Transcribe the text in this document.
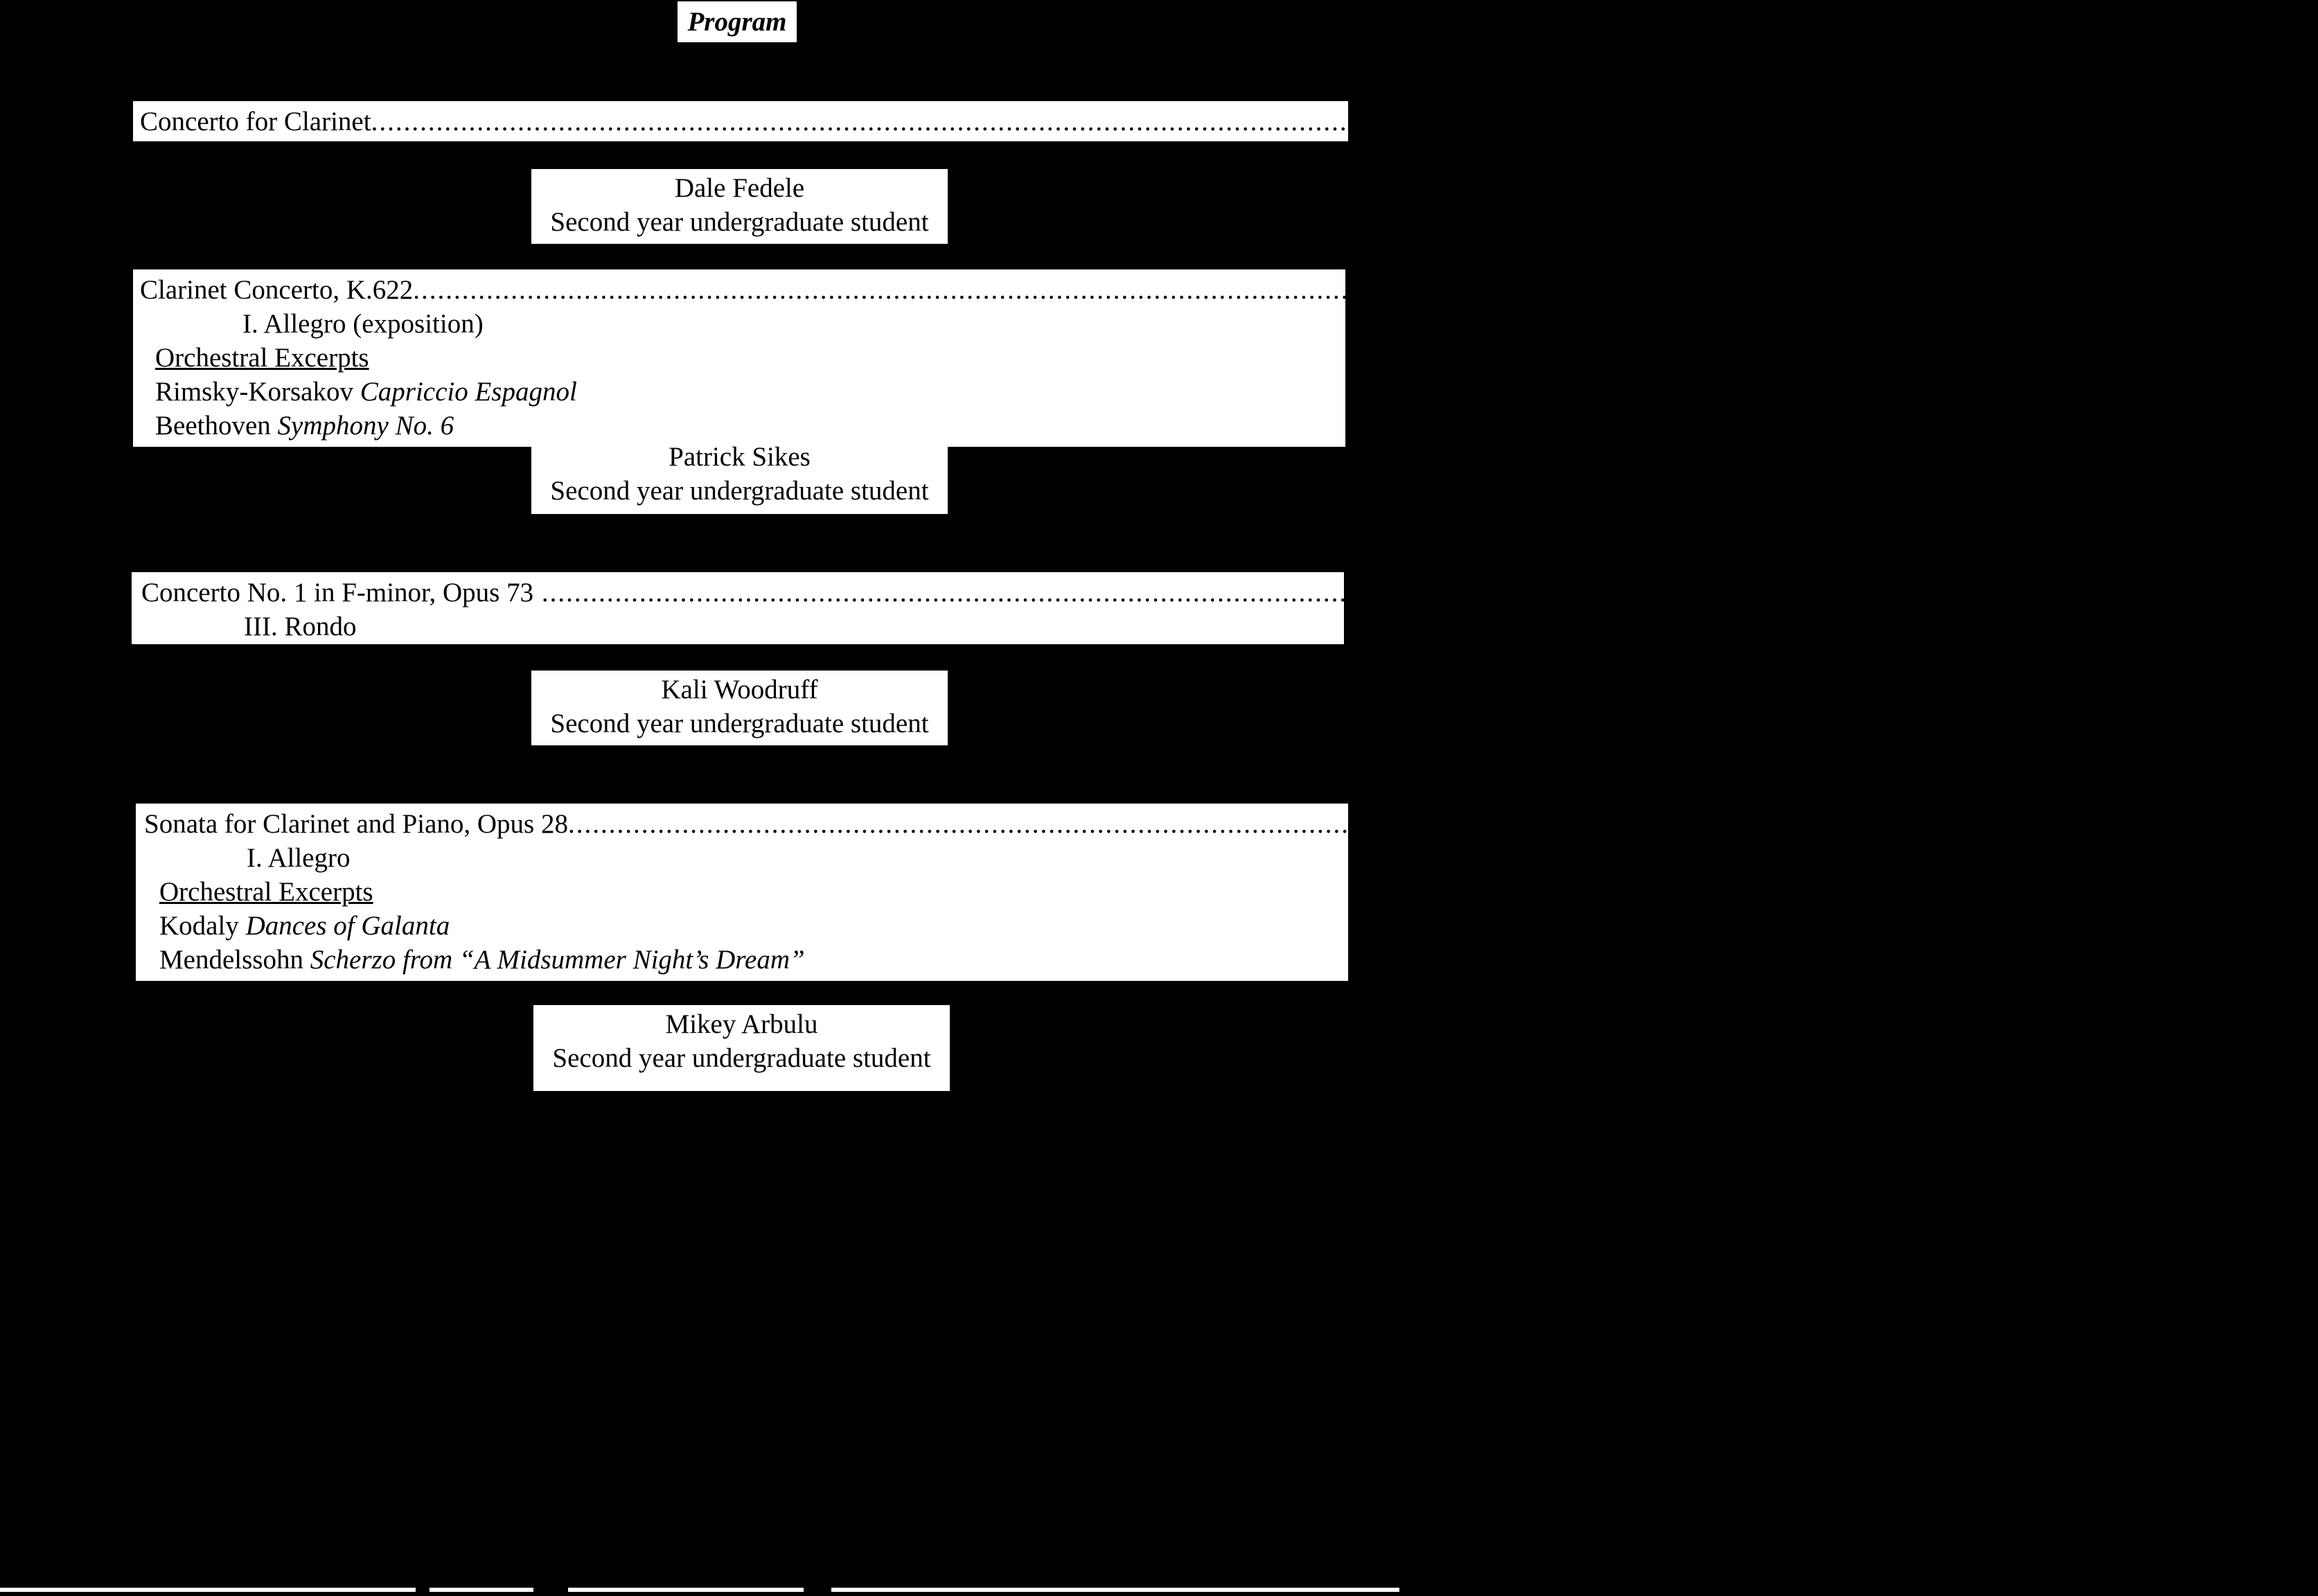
Program
Concerto for Clarinet ........................................................................................................................................................................ Aaron Copland (1900-1990)
Dale Fedele
Second year undergraduate student
Clarinet Concerto, K.622 ........................................................................................................................................................................ W.A. Mozart (1756-1791)
I. Allegro (exposition)
Orchestral Excerpts
Rimsky-Korsakov Capriccio Espagnol
Beethoven Symphony No. 6
Patrick Sikes
Second year undergraduate student
Concerto No. 1 in F-minor, Opus 73 ........................................................................................................................................................................ Carl Maria von Weber (1786-1826)
III. Rondo
Kali Woodruff
Second year undergraduate student
Sonata for Clarinet and Piano, Opus 28 ........................................................................................................................................................................ Mieczyslaw Weinberg (1919-1996)
I. Allegro
Orchestral Excerpts
Kodaly Dances of Galanta
Mendelssohn Scherzo from “A Midsummer Night’s Dream”
Mikey Arbulu
Second year undergraduate student
